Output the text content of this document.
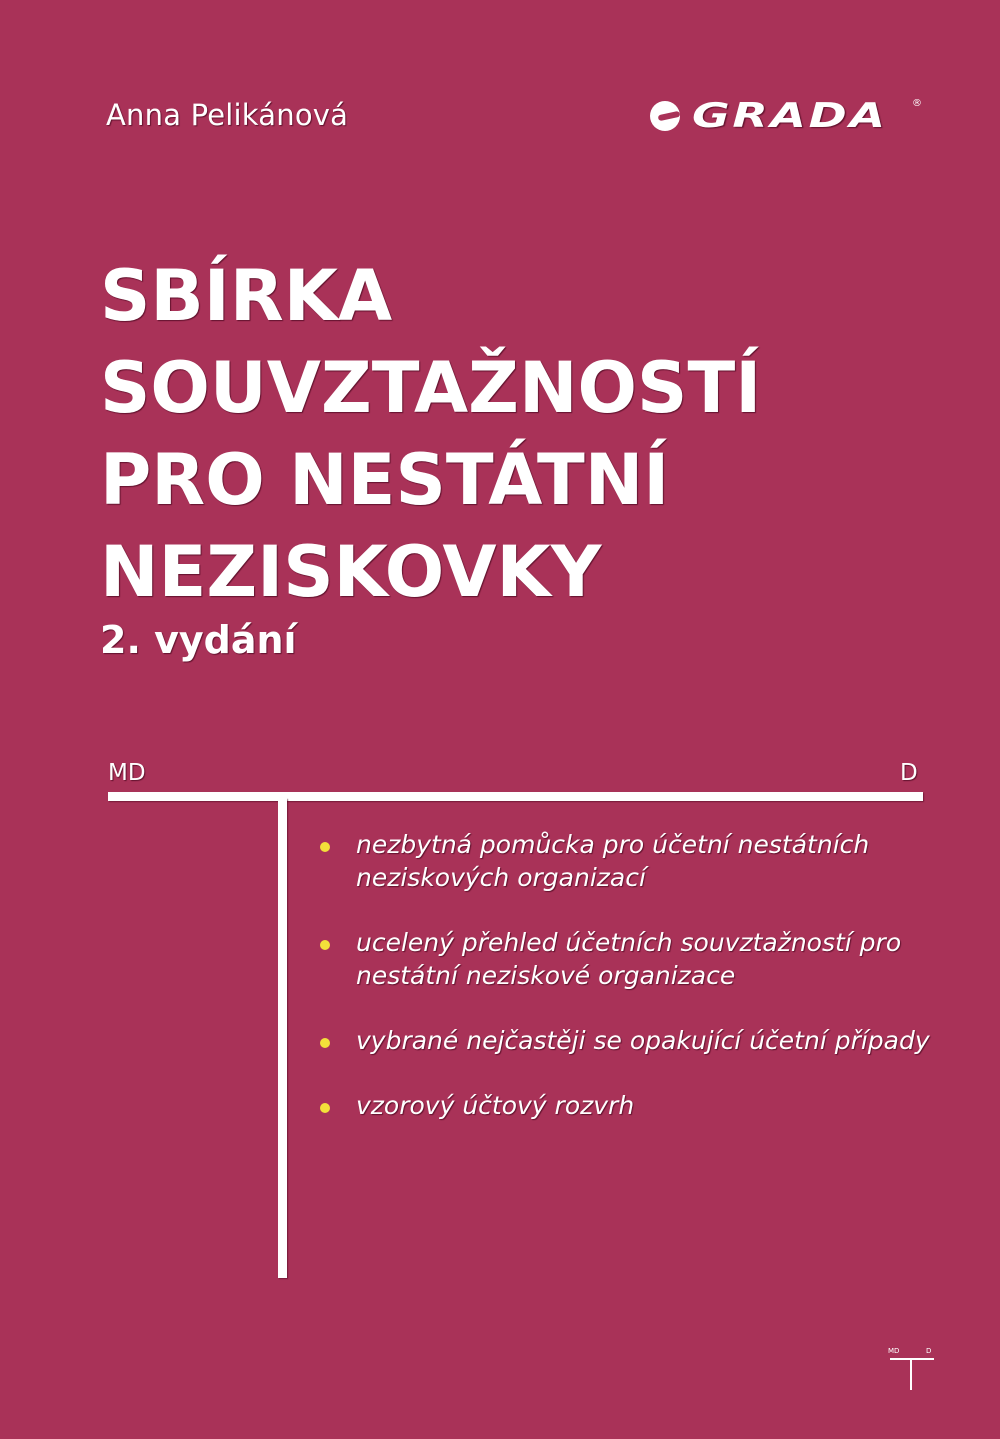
Anna Pelikánová	GRADA ®
SBÍRKA
SOUVZTAŽNOSTÍ
PRO NESTÁTNÍ
NEZISKOVKY
2. vydání
MD	D
nezbytná pomůcka pro účetní nestátních neziskových organizací
ucelený přehled účetních souvztažností pro nestátní neziskové organizace
vybrané nejčastěji se opakující účetní případy
vzorový účtový rozvrh
MD	D
